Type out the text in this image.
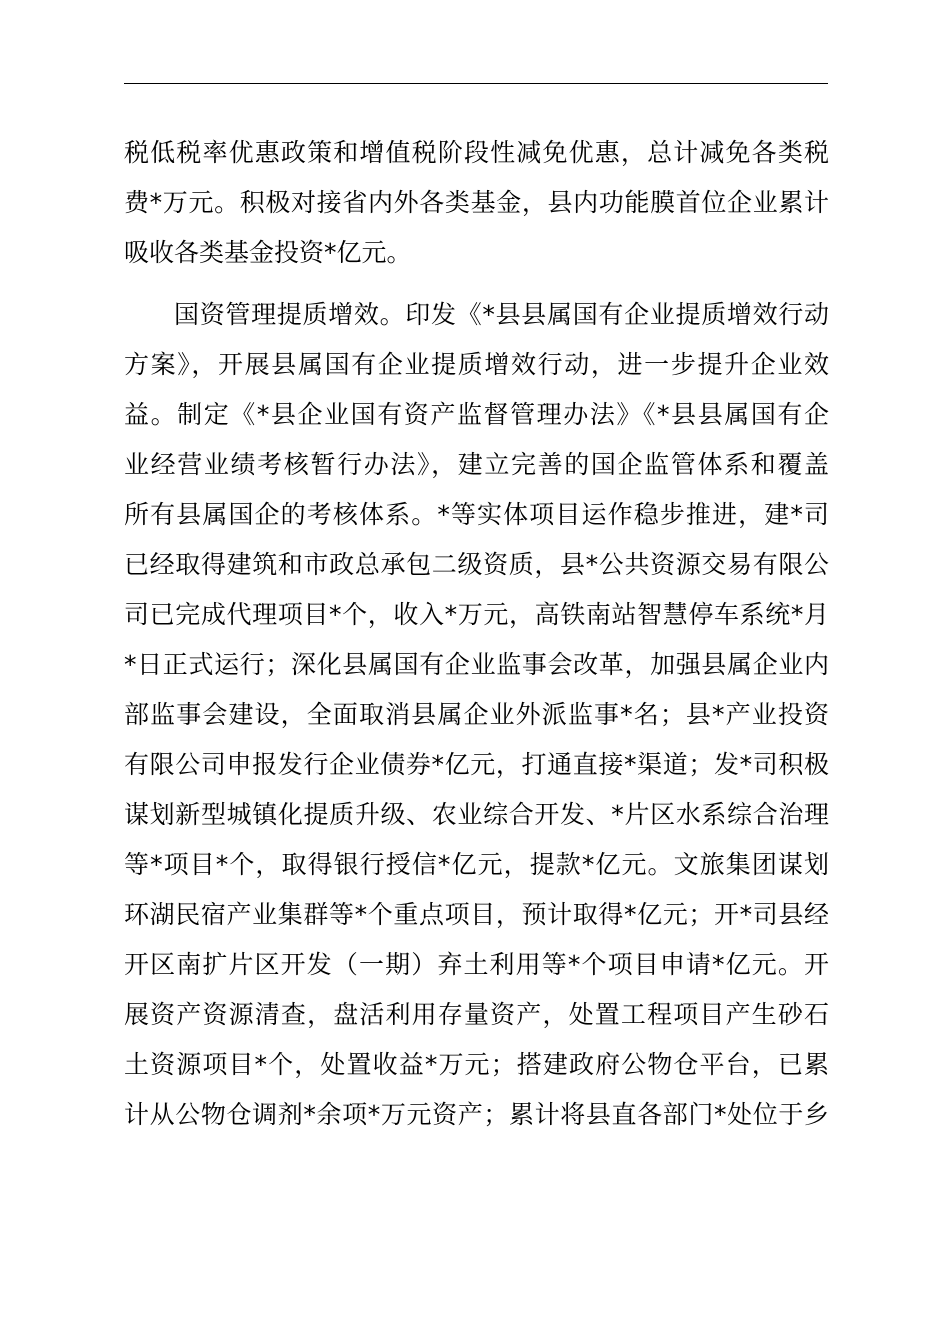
税低税率优惠政策和增值税阶段性减免优惠，总计减免各类税
费*万元。积极对接省内外各类基金，县内功能膜首位企业累计
吸收各类基金投资*亿元。
国资管理提质增效。印发《*县县属国有企业提质增效行动
方案》，开展县属国有企业提质增效行动，进一步提升企业效
益。制定《*县企业国有资产监督管理办法》《*县县属国有企
业经营业绩考核暂行办法》，建立完善的国企监管体系和覆盖
所有县属国企的考核体系。*等实体项目运作稳步推进，建*司
已经取得建筑和市政总承包二级资质，县*公共资源交易有限公
司已完成代理项目*个，收入*万元，高铁南站智慧停车系统*月
*日正式运行；深化县属国有企业监事会改革，加强县属企业内
部监事会建设，全面取消县属企业外派监事*名；县*产业投资
有限公司申报发行企业债券*亿元，打通直接*渠道；发*司积极
谋划新型城镇化提质升级、农业综合开发、*片区水系综合治理
等*项目*个，取得银行授信*亿元，提款*亿元。文旅集团谋划
环湖民宿产业集群等*个重点项目，预计取得*亿元；开*司县经
开区南扩片区开发（一期）弃土利用等*个项目申请*亿元。开
展资产资源清查，盘活利用存量资产，处置工程项目产生砂石
土资源项目*个，处置收益*万元；搭建政府公物仓平台，已累
计从公物仓调剂*余项*万元资产；累计将县直各部门*处位于乡
